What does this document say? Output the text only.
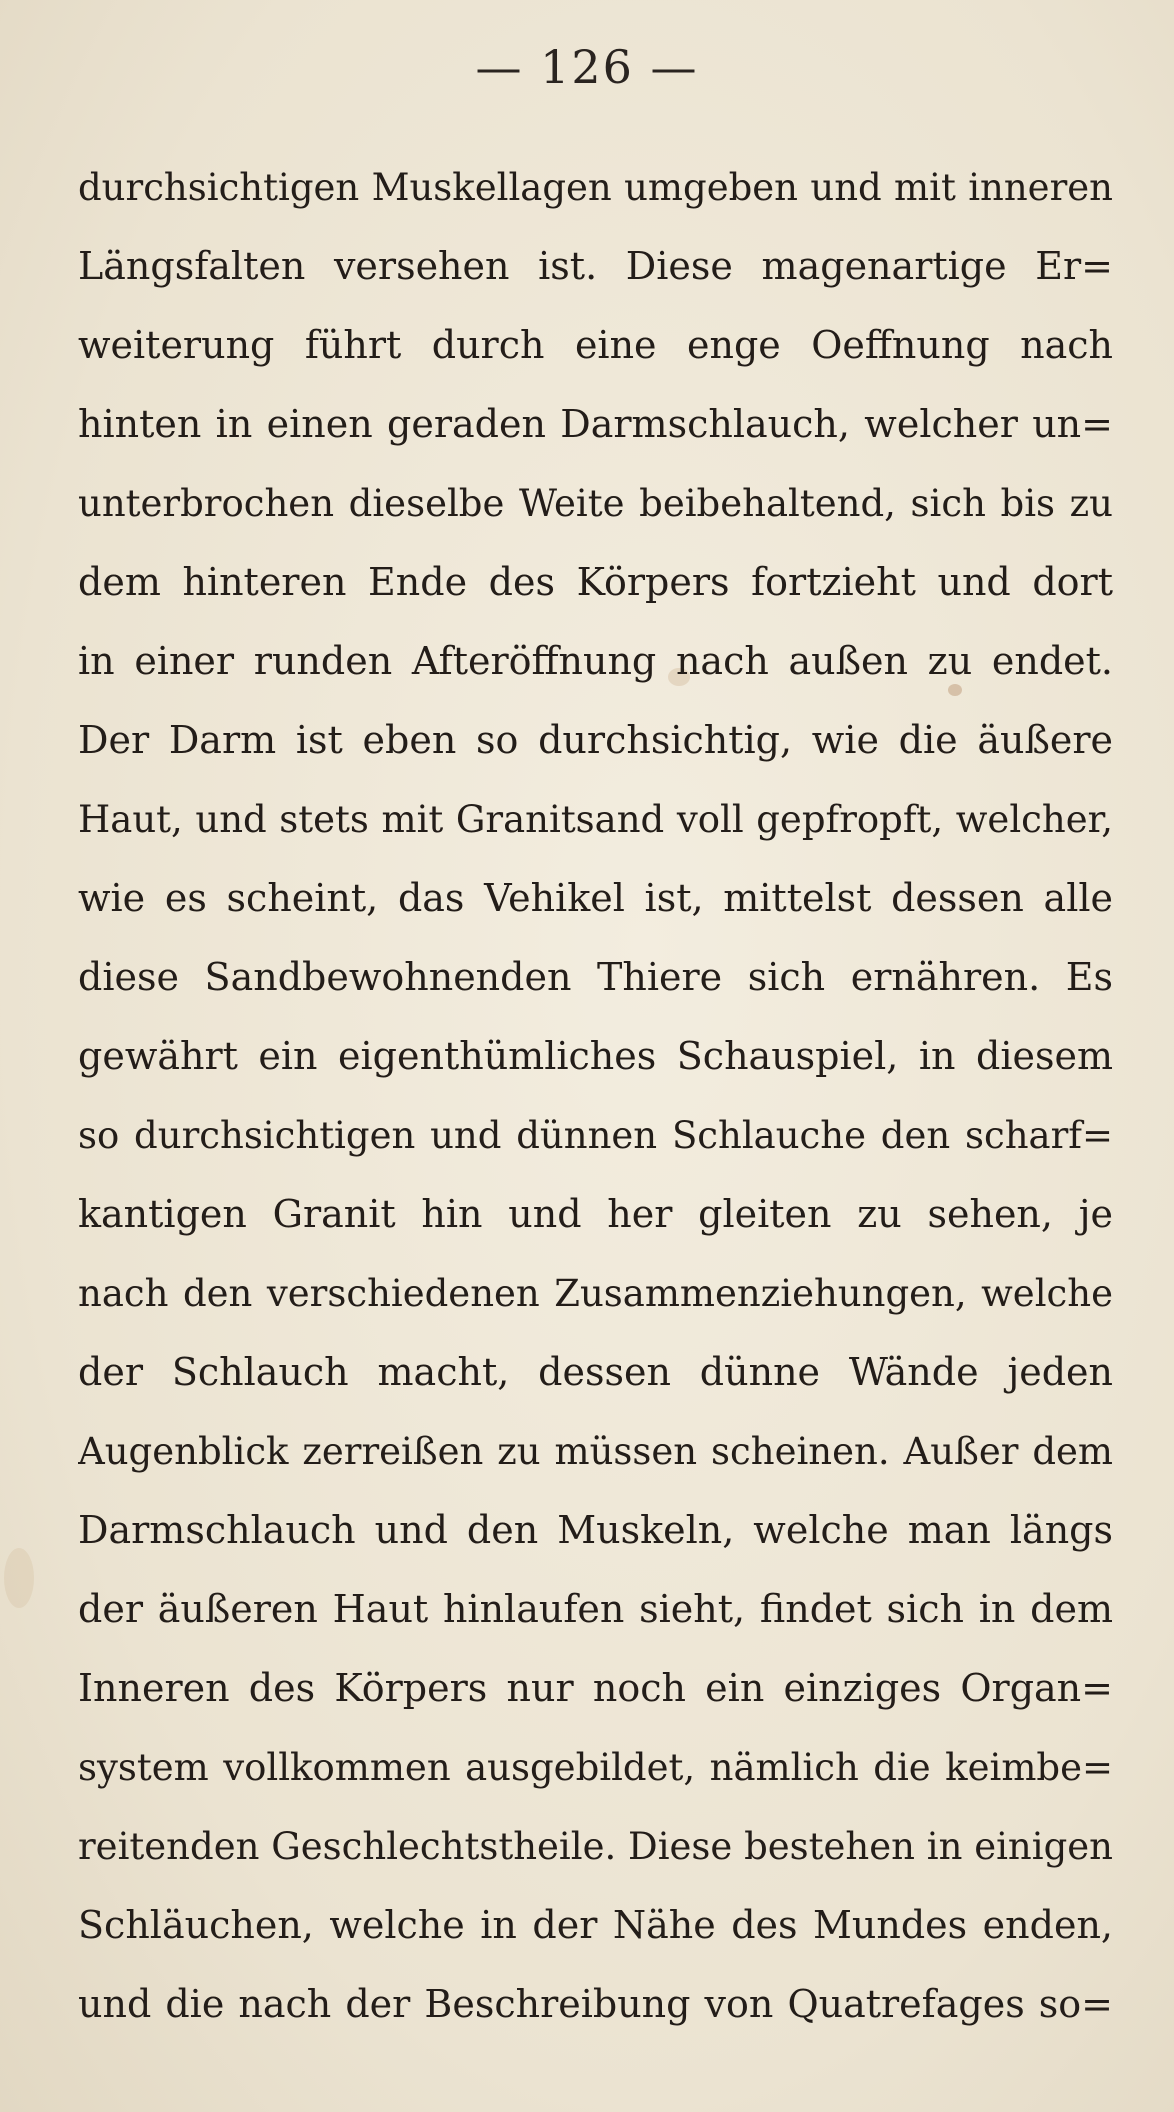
— 126 —
durchsichtigen Muskellagen umgeben und mit inneren
Längsfalten versehen ist. Diese magenartige Er=
weiterung führt durch eine enge Oeffnung nach
hinten in einen geraden Darmschlauch, welcher un=
unterbrochen dieselbe Weite beibehaltend, sich bis zu
dem hinteren Ende des Körpers fortzieht und dort
in einer runden Afteröffnung nach außen zu endet.
Der Darm ist eben so durchsichtig, wie die äußere
Haut, und stets mit Granitsand voll gepfropft, welcher,
wie es scheint, das Vehikel ist, mittelst dessen alle
diese Sandbewohnenden Thiere sich ernähren. Es
gewährt ein eigenthümliches Schauspiel, in diesem
so durchsichtigen und dünnen Schlauche den scharf=
kantigen Granit hin und her gleiten zu sehen, je
nach den verschiedenen Zusammenziehungen, welche
der Schlauch macht, dessen dünne Wände jeden
Augenblick zerreißen zu müssen scheinen. Außer dem
Darmschlauch und den Muskeln, welche man längs
der äußeren Haut hinlaufen sieht, findet sich in dem
Inneren des Körpers nur noch ein einziges Organ=
system vollkommen ausgebildet, nämlich die keimbe=
reitenden Geschlechtstheile. Diese bestehen in einigen
Schläuchen, welche in der Nähe des Mundes enden,
und die nach der Beschreibung von Quatrefages so=
